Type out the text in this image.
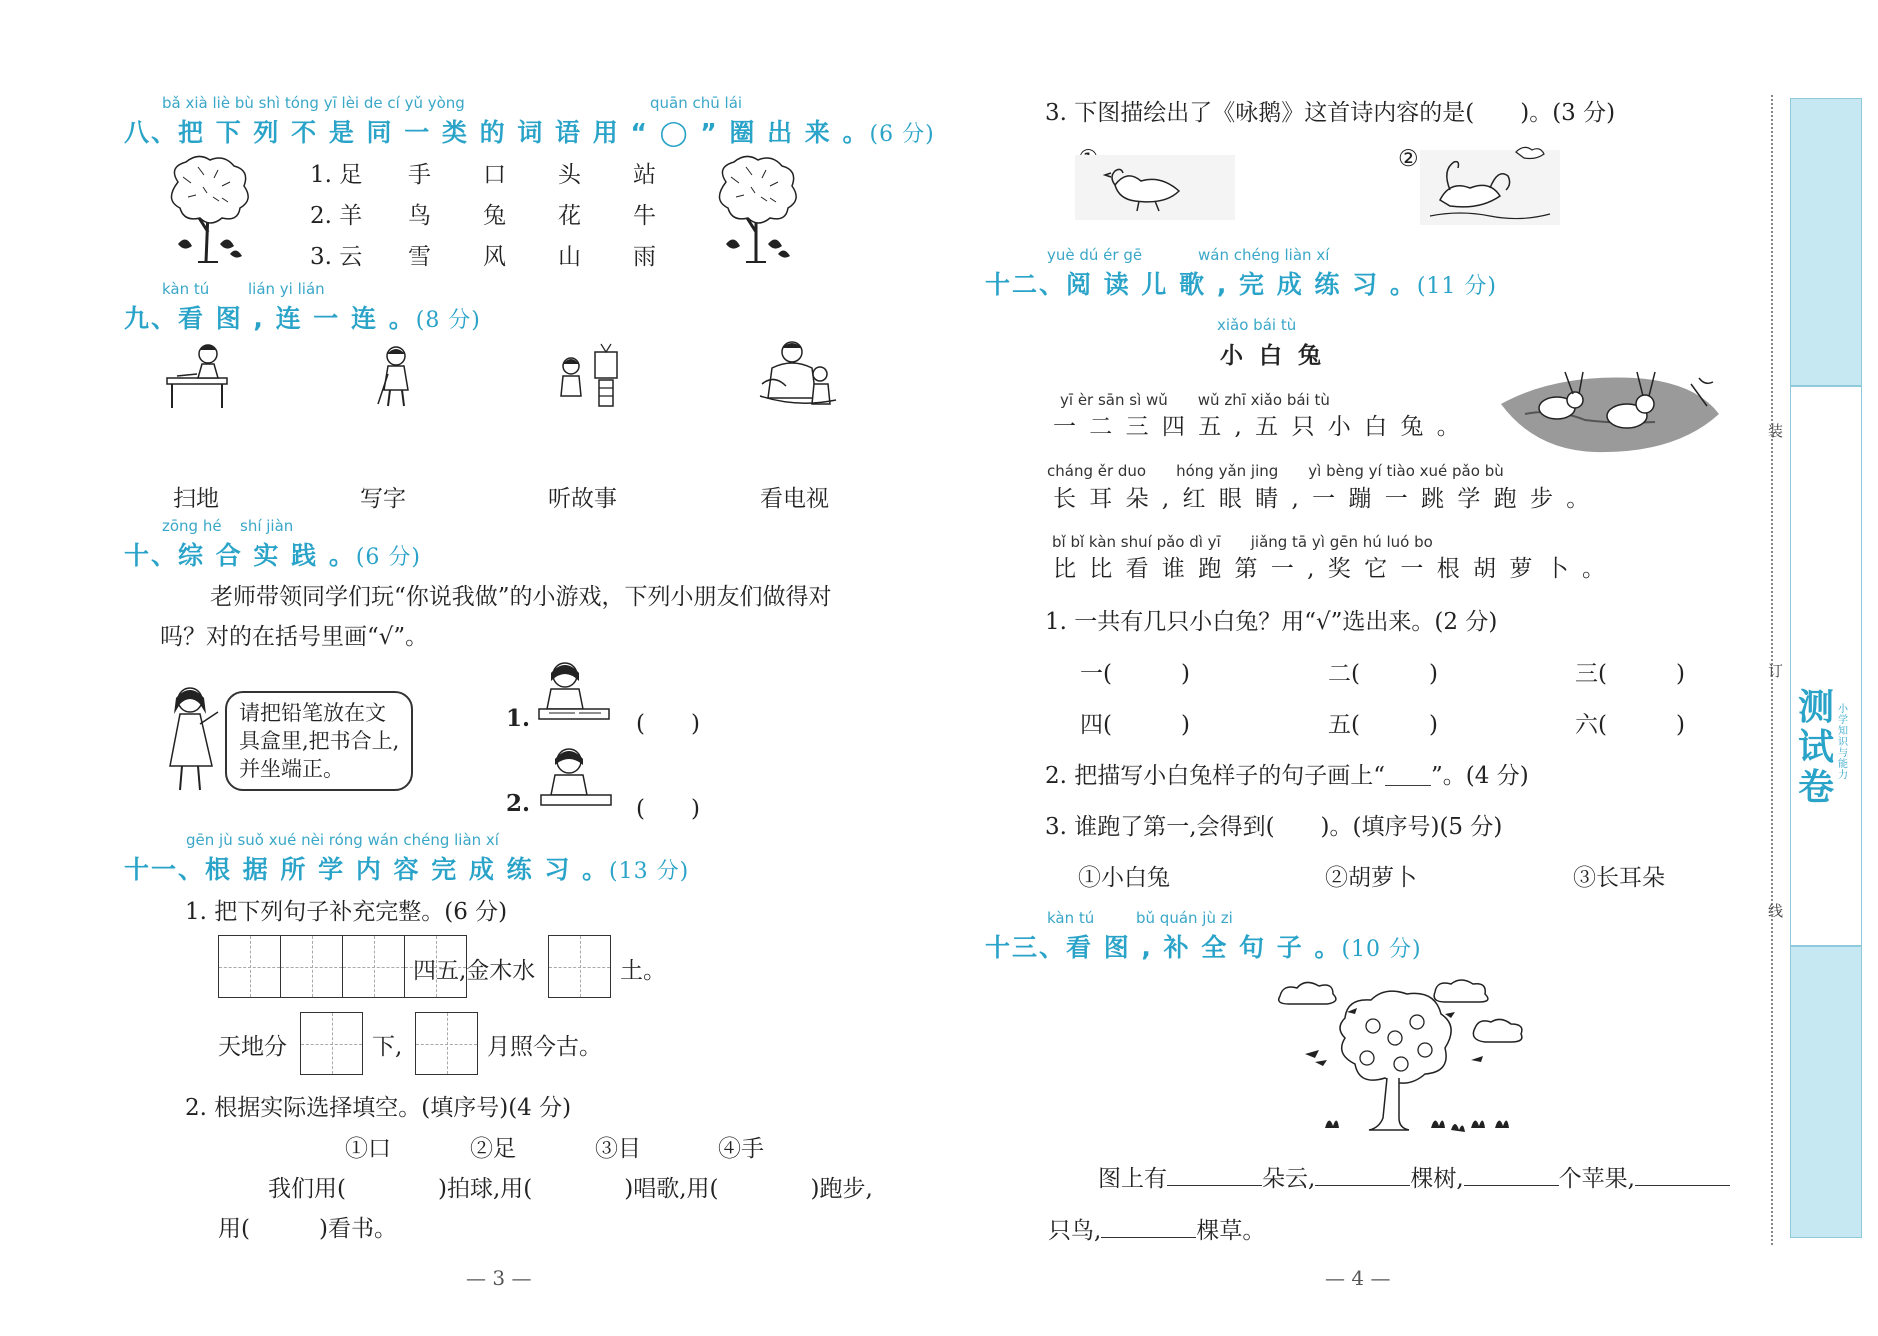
bǎ xià liè bù shì tóng yī lèi de cí yǔ yòng	quān chū lái
八、把 下 列 不 是 同 一 类 的 词 语 用 “ ◯ ” 圈 出 来 。(6 分)
1. 足	手	口	头	站
2. 羊	鸟	兔	花	牛
3. 云	雪	风	山	雨
kàn tú	lián yi lián
九、看 图 , 连 一 连 。(8 分)
扫地	写字	听故事	看电视
zōng hé shí jiàn
十、综 合 实 践 。(6 分)
老师带领同学们玩“你说我做”的小游戏，下列小朋友们做得对
吗？对的在括号里画“√”。
请把铅笔放在文
具盒里,把书合上,
并坐端正。
1.	(　　)
2.	(　　)
gēn jù suǒ xué nèi róng wán chéng liàn xí
十一、根 据 所 学 内 容 完 成 练 习 。(13 分)
1. 把下列句子补充完整。(6 分)
四五,金木水	土。
天地分	下,	月照今古。
2. 根据实际选择填空。(填序号)(4 分)
①口	②足	③目	④手
我们用(　　　　)拍球,用(　　　　)唱歌,用(　　　　)跑步,
用(　　　)看书。
— 3 —
3. 下图描绘出了《咏鹅》这首诗内容的是(　　)。(3 分)
②
yuè dú ér gē	wán chéng liàn xí
十二、阅 读 儿 歌 , 完 成 练 习 。(11 分)
xiǎo bái tù
小 白 兔
yī èr sān sì wǔ　　wǔ zhī xiǎo bái tù
一 二 三 四 五 , 五 只 小 白 兔 。
cháng ěr duo　　hóng yǎn jing　　yì bèng yí tiào xué pǎo bù
长 耳 朵 , 红 眼 睛 , 一 蹦 一 跳 学 跑 步 。
bǐ bǐ kàn shuí pǎo dì yī　　jiǎng tā yì gēn hú luó bo
比 比 看 谁 跑 第 一 , 奖 它 一 根 胡 萝 卜 。
1. 一共有几只小白兔？用“√”选出来。(2 分)
一(　　　)	二(　　　)	三(　　　)
四(　　　)	五(　　　)	六(　　　)
2. 把描写小白兔样子的句子画上“＿＿”。(4 分)
3. 谁跑了第一,会得到(　　)。(填序号)(5 分)
①小白兔	②胡萝卜	③长耳朵
kàn tú	bǔ quán jù zi
十三、看 图 , 补 全 句 子 。(10 分)
图上有	朵云,	棵树,	个苹果,
只鸟,	棵草。
— 4 —
装
订
线
测试卷
小学知识与能力
